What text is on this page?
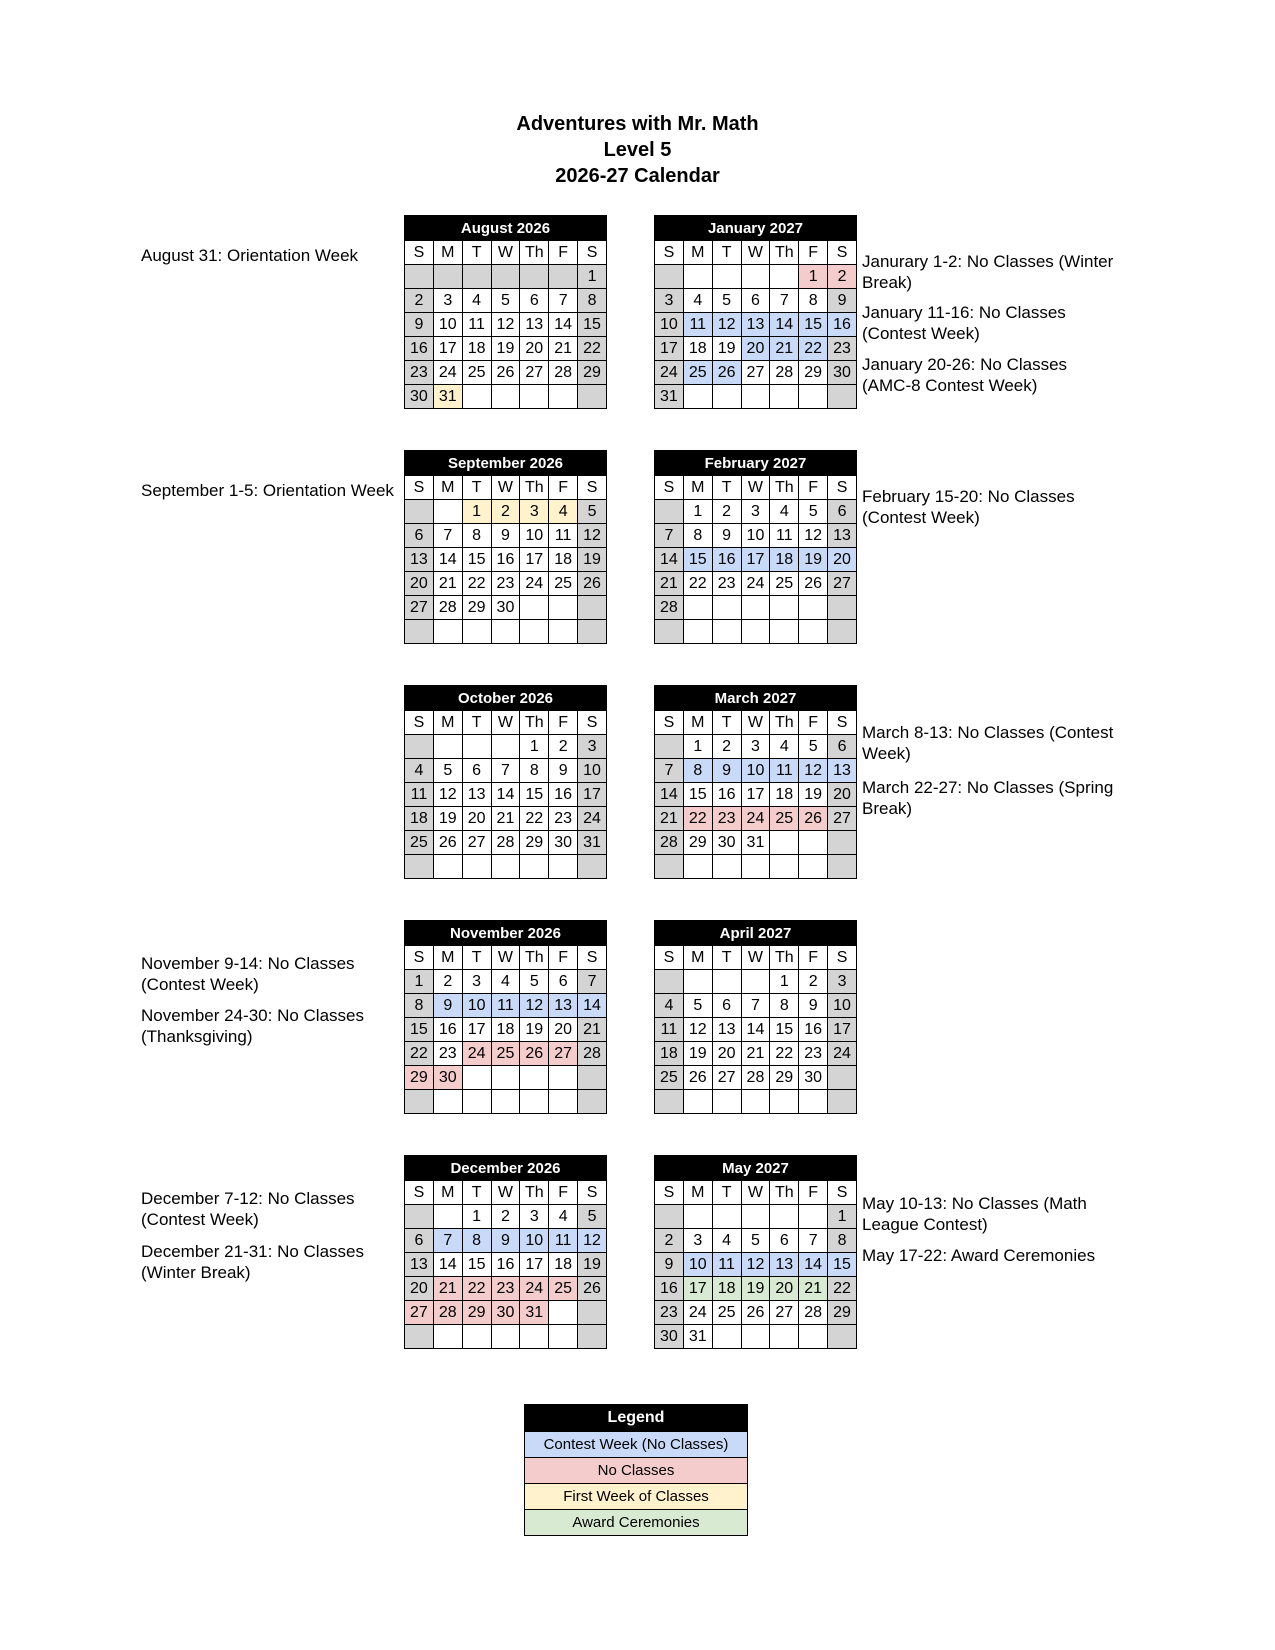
Adventures with Mr. Math
Level 5
2026-27 Calendar
August 2026						
S	M	T	W	Th	F	S
						1
2	3	4	5	6	7	8
9	10	11	12	13	14	15
16	17	18	19	20	21	22
23	24	25	26	27	28	29
30	31					
January 2027						
S	M	T	W	Th	F	S
					1	2
3	4	5	6	7	8	9
10	11	12	13	14	15	16
17	18	19	20	21	22	23
24	25	26	27	28	29	30
31						
September 2026						
S	M	T	W	Th	F	S
		1	2	3	4	5
6	7	8	9	10	11	12
13	14	15	16	17	18	19
20	21	22	23	24	25	26
27	28	29	30			

February 2027						
S	M	T	W	Th	F	S
	1	2	3	4	5	6
7	8	9	10	11	12	13
14	15	16	17	18	19	20
21	22	23	24	25	26	27
28						

October 2026						
S	M	T	W	Th	F	S
				1	2	3
4	5	6	7	8	9	10
11	12	13	14	15	16	17
18	19	20	21	22	23	24
25	26	27	28	29	30	31

March 2027						
S	M	T	W	Th	F	S
	1	2	3	4	5	6
7	8	9	10	11	12	13
14	15	16	17	18	19	20
21	22	23	24	25	26	27
28	29	30	31			

November 2026						
S	M	T	W	Th	F	S
1	2	3	4	5	6	7
8	9	10	11	12	13	14
15	16	17	18	19	20	21
22	23	24	25	26	27	28
29	30					

April 2027						
S	M	T	W	Th	F	S
				1	2	3
4	5	6	7	8	9	10
11	12	13	14	15	16	17
18	19	20	21	22	23	24
25	26	27	28	29	30	

December 2026						
S	M	T	W	Th	F	S
		1	2	3	4	5
6	7	8	9	10	11	12
13	14	15	16	17	18	19
20	21	22	23	24	25	26
27	28	29	30	31		

May 2027						
S	M	T	W	Th	F	S
						1
2	3	4	5	6	7	8
9	10	11	12	13	14	15
16	17	18	19	20	21	22
23	24	25	26	27	28	29
30	31					
August 31: Orientation Week
September 1-5: Orientation Week
November 9-14: No Classes (Contest Week)
November 24-30: No Classes (Thanksgiving)
December 7-12: No Classes (Contest Week)
December 21-31: No Classes (Winter Break)
Janurary 1-2: No Classes (Winter Break)
January 11-16: No Classes (Contest Week)
January 20-26: No Classes (AMC-8 Contest Week)
February 15-20: No Classes (Contest Week)
March 8-13: No Classes (Contest Week)
March 22-27: No Classes (Spring Break)
May 10-13: No Classes (Math League Contest)
May 17-22: Award Ceremonies
Legend
Contest Week (No Classes)
No Classes
First Week of Classes
Award Ceremonies
